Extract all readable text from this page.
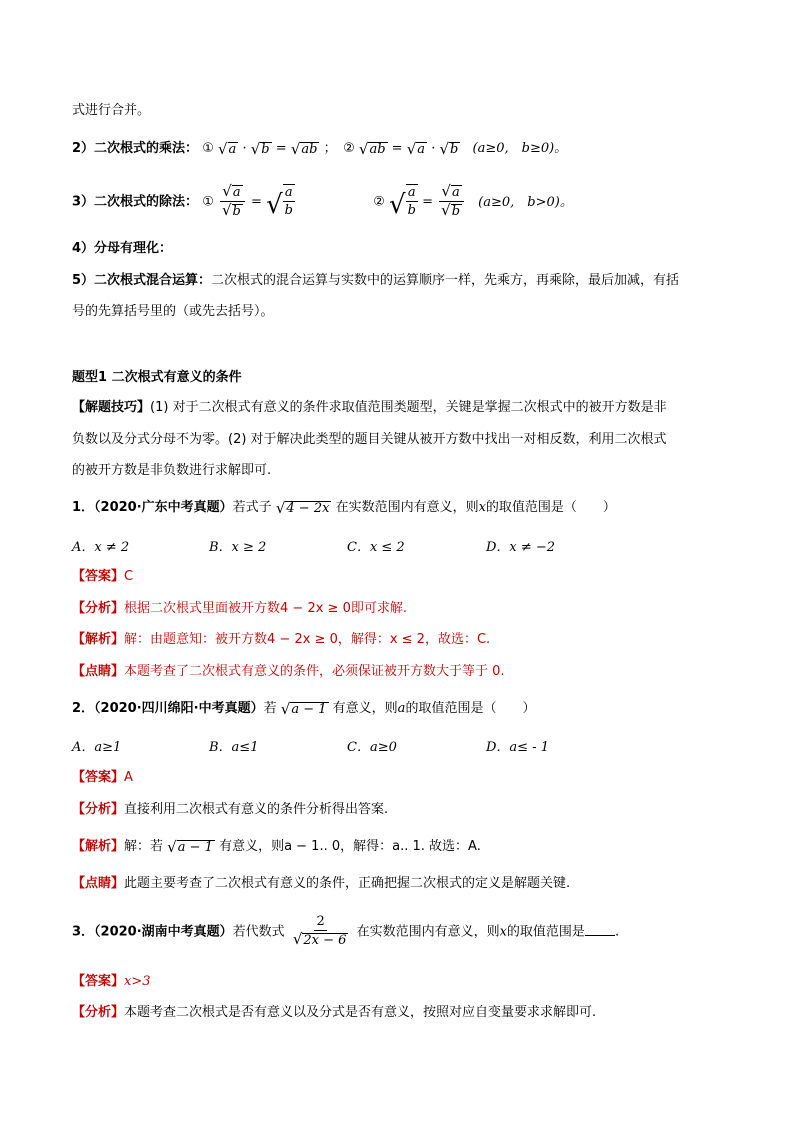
式进行合并。
2）二次根式的乘法： ① √ a · √ b = √ ab ；　② √ ab = √ a · √ b (a≥0,　b≥0)。
3）二次根式的除法： ① $\frac{√a}{√b}$ = √ $\frac{a}{b}$	② √ $\frac{a}{b} = \frac{√a}{√b} (a\ge 0$,　b>0)。
4）分母有理化：
5）二次根式混合运算：二次根式的混合运算与实数中的运算顺序一样，先乘方，再乘除，最后加减，有括
号的先算括号里的（或先去括号）。
题型1 二次根式有意义的条件
【解题技巧】(1) 对于二次根式有意义的条件求取值范围类题型，关键是掌握二次根式中的被开方数是非
负数以及分式分母不为零。(2) 对于解决此类型的题目关键从被开方数中找出一对相反数，利用二次根式
的被开方数是非负数进行求解即可.
1．（2020·广东中考真题）若式子 √ 4 − 2x 在实数范围内有意义，则x的取值范围是（　　）
A．x ≠ 2	B．x ≥ 2	C．x ≤ 2	D．x ≠ −2
【答案】C
【分析】根据二次根式里面被开方数4 − 2x ≥ 0即可求解.
【解析】解：由题意知：被开方数4 − 2x ≥ 0，解得：x ≤ 2，故选：C.
【点睛】本题考查了二次根式有意义的条件，必须保证被开方数大于等于 0.
2．（2020·四川绵阳·中考真题）若 √ a − 1 有意义，则a的取值范围是（　　）
A．a≥1	B．a≤1	C．a≥0	D．a≤ - 1
【答案】A
【分析】直接利用二次根式有意义的条件分析得出答案.
【解析】解：若 √ a − 1 有意义，则a − 1.. 0，解得：a.. 1. 故选：A.
【点睛】此题主要考查了二次根式有意义的条件，正确把握二次根式的定义是解题关键.
3．（2020·湖南中考真题）若代数式 $\frac{2}{√2x - 6}$ 在实数范围内有意义，则x的取值范围是 .
【答案】x>3
【分析】本题考查二次根式是否有意义以及分式是否有意义，按照对应自变量要求求解即可.
